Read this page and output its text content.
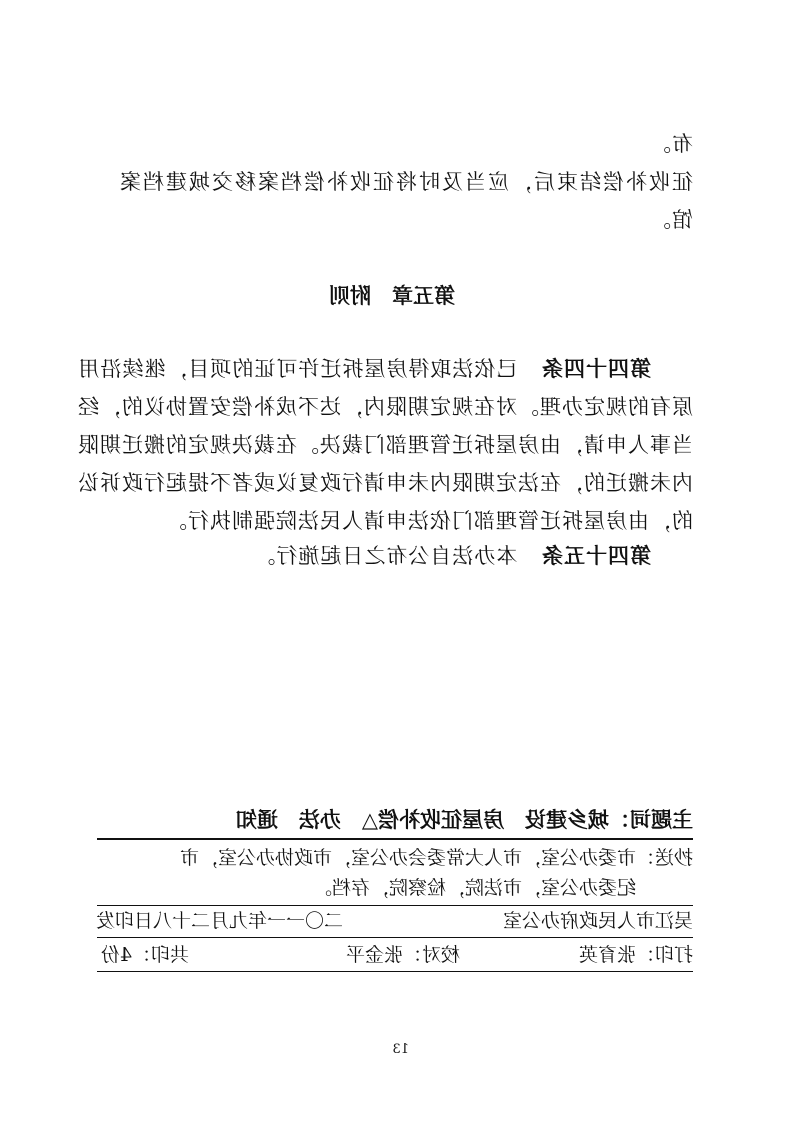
布。
征收补偿结束后，应当及时将征收补偿档案移交城建档案
馆。
第五章　附则
第四十四条 已依法取得房屋拆迁许可证的项目，继续沿用
原有的规定办理。对在规定期限内，达不成补偿安置协议的，经
当事人申请，由房屋拆迁管理部门裁决。在裁决规定的搬迁期限
内未搬迁的，在法定期限内未申请行政复议或者不提起行政诉讼
的，由房屋拆迁管理部门依法申请人民法院强制执行。
第四十五条 本办法自公布之日起施行。
主题词：城乡建设　房屋征收补偿△　办法　通知
抄送：市委办公室，市人大常委会办公室，市政协办公室，市
纪委办公室，市法院，检察院，存档。
吴江市人民政府办公室
二〇一一年九月二十八日印发
打印：张育英
校对：张金平
共印：4份
13
